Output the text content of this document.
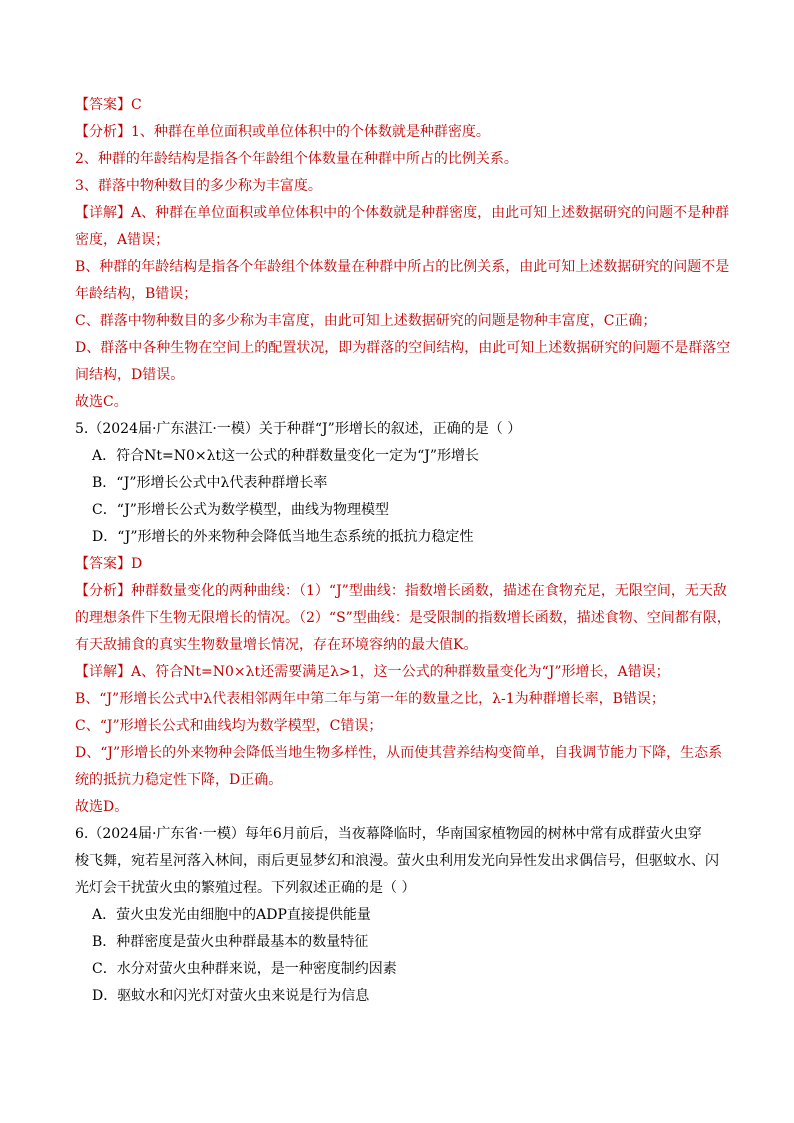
【答案】C
【分析】1、种群在单位面积或单位体积中的个体数就是种群密度。
2、种群的年龄结构是指各个年龄组个体数量在种群中所占的比例关系。
3、群落中物种数目的多少称为丰富度。
【详解】A、种群在单位面积或单位体积中的个体数就是种群密度，由此可知上述数据研究的问题不是种群
密度，A错误；
B、种群的年龄结构是指各个年龄组个体数量在种群中所占的比例关系，由此可知上述数据研究的问题不是
年龄结构，B错误；
C、群落中物种数目的多少称为丰富度，由此可知上述数据研究的问题是物种丰富度，C正确；
D、群落中各种生物在空间上的配置状况，即为群落的空间结构，由此可知上述数据研究的问题不是群落空
间结构，D错误。
故选C。
5.（2024届·广东湛江·一模）关于种群“J”形增长的叙述，正确的是（ ）
A．符合Nt=N0×λt这一公式的种群数量变化一定为“J”形增长
B．“J”形增长公式中λ代表种群增长率
C．“J”形增长公式为数学模型，曲线为物理模型
D．“J”形增长的外来物种会降低当地生态系统的抵抗力稳定性
【答案】D
【分析】种群数量变化的两种曲线：（1）“J”型曲线：指数增长函数，描述在食物充足，无限空间，无天敌
的理想条件下生物无限增长的情况。（2）“S”型曲线：是受限制的指数增长函数，描述食物、空间都有限，
有天敌捕食的真实生物数量增长情况，存在环境容纳的最大值K。
【详解】A、符合Nt=N0×λt还需要满足λ>1，这一公式的种群数量变化为“J”形增长，A错误；
B、“J”形增长公式中λ代表相邻两年中第二年与第一年的数量之比，λ-1为种群增长率，B错误；
C、“J”形增长公式和曲线均为数学模型，C错误；
D、“J”形增长的外来物种会降低当地生物多样性，从而使其营养结构变简单，自我调节能力下降，生态系
统的抵抗力稳定性下降，D正确。
故选D。
6.（2024届·广东省·一模）每年6月前后，当夜幕降临时，华南国家植物园的树林中常有成群萤火虫穿
梭飞舞，宛若星河落入林间，雨后更显梦幻和浪漫。萤火虫利用发光向异性发出求偶信号，但驱蚊水、闪
光灯会干扰萤火虫的繁殖过程。下列叙述正确的是（ ）
A．萤火虫发光由细胞中的ADP直接提供能量
B．种群密度是萤火虫种群最基本的数量特征
C．水分对萤火虫种群来说，是一种密度制约因素
D．驱蚊水和闪光灯对萤火虫来说是行为信息
